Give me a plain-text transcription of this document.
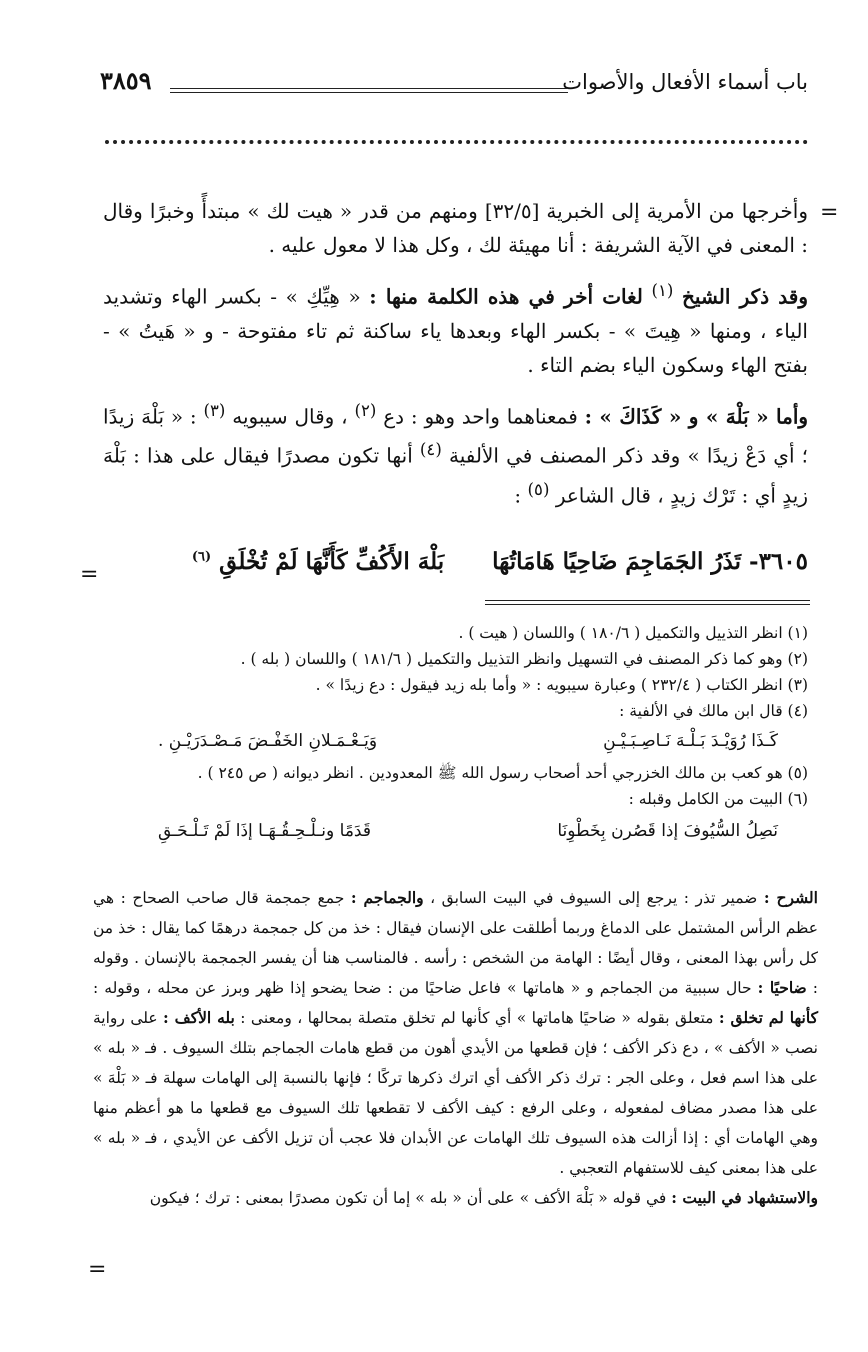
باب أسماء الأفعال والأصوات
٣٨٥٩
=

وأخرجها من الأمرية إلى الخبرية [٣٢/٥] ومنهم من قدر « هيت لك » مبتدأً وخبرًا وقال : المعنى في الآية الشريفة : أنا مهيئة لك ، وكل هذا لا معول عليه .

وقد ذكر الشيخ $^{(١)}$ لغات أخر في هذه الكلمة منها : « هِيِّكِ » - بكسر الهاء وتشديد الياء ، ومنها « هِيتَ » - بكسر الهاء وبعدها ياء ساكنة ثم تاء مفتوحة - و « هَيتُ » - بفتح الهاء وسكون الياء بضم التاء .

وأما « بَلْهَ » و « كَذَاكَ » : فمعناهما واحد وهو : دع $^{(٢)}$ ، وقال سيبويه $^{(٣)}$ : « بَلْهَ زيدًا ؛ أي دَعْ زيدًا » وقد ذكر المصنف في الألفية $^{(٤)}$ أنها تكون مصدرًا فيقال على هذا : بَلْهَ زيدٍ أي : تَرْك زيدٍ ، قال الشاعر $^{(٥)}$ :

٣٦٠٥- تَذَرُ الجَمَاجِمَ ضَاحِيًا هَامَاتُهَا بَلْهَ الأَكُفِّ كَأَنَّهَا لَمْ تُخْلَقِ $^{(٦)}$
=

(١) انظر التذييل والتكميل ( ١٨٠/٦ ) واللسان ( هيت ) .

(٢) وهو كما ذكر المصنف في التسهيل وانظر التذييل والتكميل ( ١٨١/٦ ) واللسان ( بله ) .

(٣) انظر الكتاب ( ٢٣٢/٤ ) وعبارة سيبويه : « وأما بله زيد فيقول : دع زيدًا » .

(٤) قال ابن مالك في الألفية :

كَـذَا رُوَيْـدَ بَـلْـهَ نَـاصِـبَـيْـنِ
وَيَـعْـمَـلانِ الخَفْـضَ مَـصْـدَرَيْـنِ .

(٥) هو كعب بن مالك الخزرجي أحد أصحاب رسول الله ﷺ المعدودين . انظر ديوانه ( ص ٢٤٥ ) .

(٦) البيت من الكامل وقبله :

نَصِلُ السُّيُوفَ إذا قَصُرن بِخَطْوِنَا
قَدَمًا ونـلْـحِـقُـهَـا إذَا لَمْ تَـلْـحَـقِ

الشرح : ضمير تذر : يرجع إلى السيوف في البيت السابق ، والجماجم : جمع جمجمة قال صاحب الصحاح : هي عظم الرأس المشتمل على الدماغ وربما أطلقت على الإنسان فيقال : خذ من كل جمجمة درهمًا كما يقال : خذ من كل رأس بهذا المعنى ، وقال أيضًا : الهامة من الشخص : رأسه . فالمناسب هنا أن يفسر الجمجمة بالإنسان . وقوله : ضاحيًا : حال سببية من الجماجم و « هاماتها » فاعل ضاحيًا من : ضحا يضحو إذا ظهر وبرز عن محله ، وقوله : كأنها لم تخلق : متعلق بقوله « ضاحيًا هاماتها » أي كأنها لم تخلق متصلة بمحالها ، ومعنى : بله الأكف : على رواية نصب « الأكف » ، دع ذكر الأكف ؛ فإن قطعها من الأيدي أهون من قطع هامات الجماجم بتلك السيوف . فـ « بله » على هذا اسم فعل ، وعلى الجر : ترك ذكر الأكف أي اترك ذكرها تركًا ؛ فإنها بالنسبة إلى الهامات سهلة فـ « بَلْهَ » على هذا مصدر مضاف لمفعوله ، وعلى الرفع : كيف الأكف لا تقطعها تلك السيوف مع قطعها ما هو أعظم منها وهي الهامات أي : إذا أزالت هذه السيوف تلك الهامات عن الأبدان فلا عجب أن تزيل الأكف عن الأيدي ، فـ « بله » على هذا بمعنى كيف للاستفهام التعجبي .

والاستشهاد في البيت : في قوله « بَلْهَ الأكف » على أن « بله » إما أن تكون مصدرًا بمعنى : ترك ؛ فيكون

=
